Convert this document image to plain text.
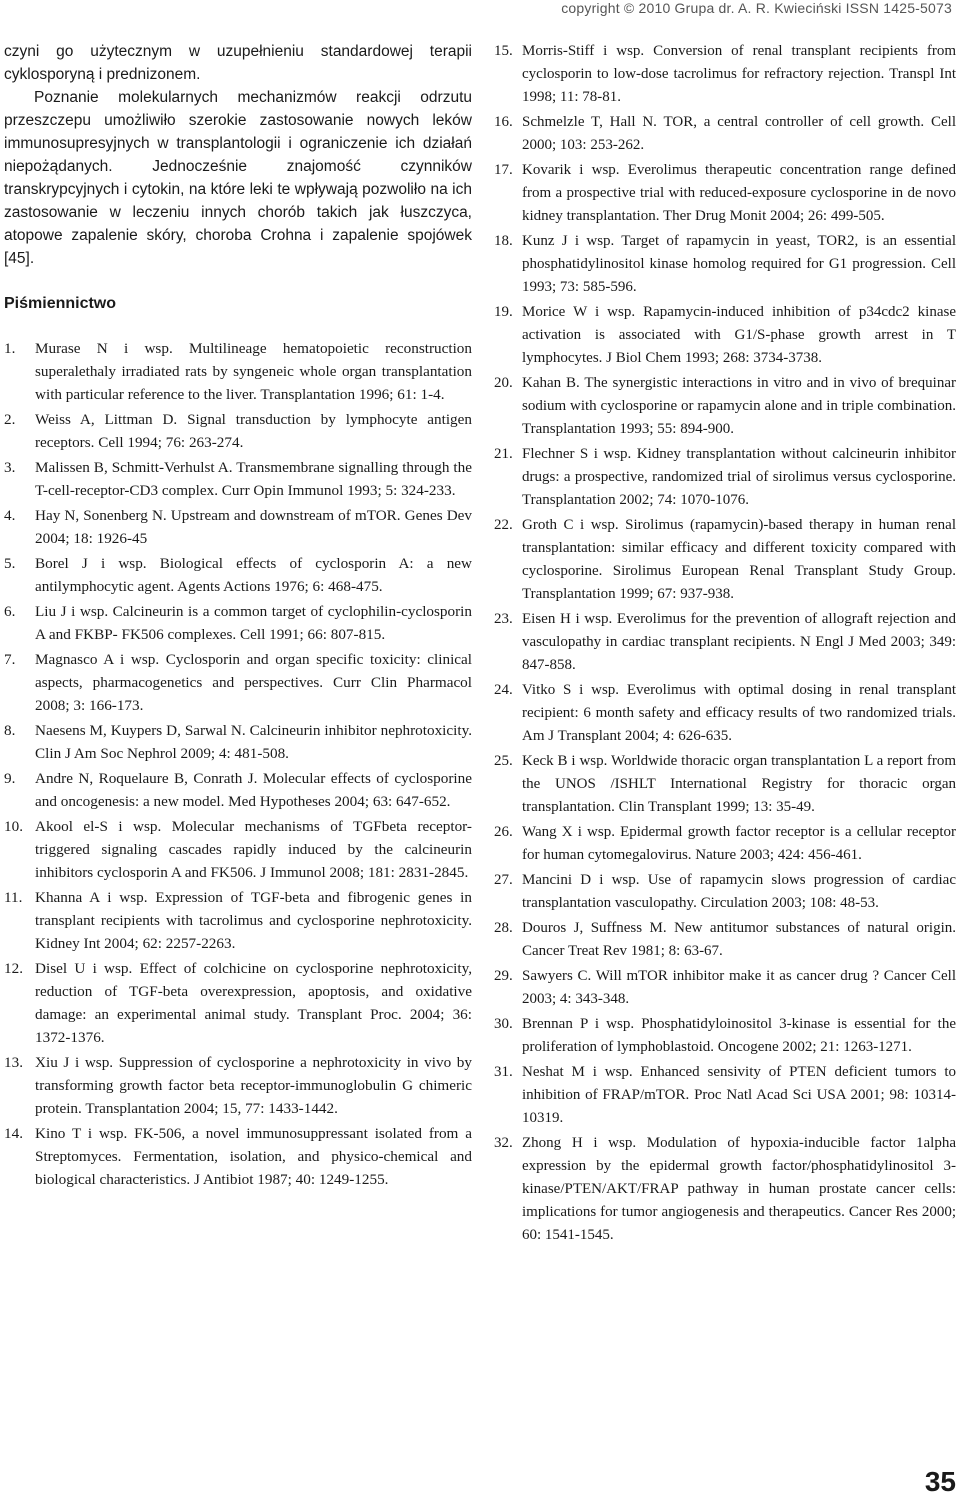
copyright © 2010 Grupa dr. A. R. Kwieciński ISSN 1425-5073

czyni go użytecznym w uzupełnieniu standardowej terapii cyklosporyną i prednizonem.

Poznanie molekularnych mechanizmów reakcji odrzutu przeszczepu umożliwiło szerokie zastosowanie nowych leków immunosupresyjnych w transplantologii i ograniczenie ich działań niepożądanych. Jednocześnie znajomość czynników transkrypcyjnych i cytokin, na które leki te wpływają pozwoliło na ich zastosowanie w leczeniu innych chorób takich jak łuszczyca, atopowe zapalenie skóry, choroba Crohna i zapalenie spojówek [45].

Piśmiennictwo
1. Murase N i wsp. Multilineage hematopoietic reconstruction superalethaly irradiated rats by syngeneic whole organ transplantation with particular reference to the liver. Transplantation 1996; 61: 1-4.
2. Weiss A, Littman D. Signal transduction by lymphocyte antigen receptors. Cell 1994; 76: 263-274.
3. Malissen B, Schmitt-Verhulst A. Transmembrane signalling through the T-cell-receptor-CD3 complex. Curr Opin Immunol 1993; 5: 324-233.
4. Hay N, Sonenberg N. Upstream and downstream of mTOR. Genes Dev 2004; 18: 1926-45
5. Borel J i wsp. Biological effects of cyclosporin A: a new antilymphocytic agent. Agents Actions 1976; 6: 468-475.
6. Liu J i wsp. Calcineurin is a common target of cyclophilin-cyclosporin A and FKBP- FK506 complexes. Cell 1991; 66: 807-815.
7. Magnasco A i wsp. Cyclosporin and organ specific toxicity: clinical aspects, pharmacogenetics and perspectives. Curr Clin Pharmacol 2008; 3: 166-173.
8. Naesens M, Kuypers D, Sarwal N. Calcineurin inhibitor nephrotoxicity. Clin J Am Soc Nephrol 2009; 4: 481-508.
9. Andre N, Roquelaure B, Conrath J. Molecular effects of cyclosporine and oncogenesis: a new model. Med Hypotheses 2004; 63: 647-652.
10. Akool el-S i wsp. Molecular mechanisms of TGFbeta receptor-triggered signaling cascades rapidly induced by the calcineurin inhibitors cyclosporin A and FK506. J Immunol 2008; 181: 2831-2845.
11. Khanna A i wsp. Expression of TGF-beta and fibrogenic genes in transplant recipients with tacrolimus and cyclosporine nephrotoxicity. Kidney Int 2004; 62: 2257-2263.
12. Disel U i wsp. Effect of colchicine on cyclosporine nephrotoxicity, reduction of TGF-beta overexpression, apoptosis, and oxidative damage: an experimental animal study. Transplant Proc. 2004; 36: 1372-1376.
13. Xiu J i wsp. Suppression of cyclosporine a nephrotoxicity in vivo by transforming growth factor beta receptor-immunoglobulin G chimeric protein. Transplantation 2004; 15, 77: 1433-1442.
14. Kino T i wsp. FK-506, a novel immunosuppressant isolated from a Streptomyces. Fermentation, isolation, and physico-chemical and biological characteristics. J Antibiot 1987; 40: 1249-1255.
15. Morris-Stiff i wsp. Conversion of renal transplant recipients from cyclosporin to low-dose tacrolimus for refractory rejection. Transpl Int 1998; 11: 78-81.
16. Schmelzle T, Hall N. TOR, a central controller of cell growth. Cell 2000; 103: 253-262.
17. Kovarik i wsp. Everolimus therapeutic concentration range defined from a prospective trial with reduced-exposure cyclosporine in de novo kidney transplantation. Ther Drug Monit 2004; 26: 499-505.
18. Kunz J i wsp. Target of rapamycin in yeast, TOR2, is an essential phosphatidylinositol kinase homolog required for G1 progression. Cell 1993; 73: 585-596.
19. Morice W i wsp. Rapamycin-induced inhibition of p34cdc2 kinase activation is associated with G1/S-phase growth arrest in T lymphocytes. J Biol Chem 1993; 268: 3734-3738.
20. Kahan B. The synergistic interactions in vitro and in vivo of brequinar sodium with cyclosporine or rapamycin alone and in triple combination. Transplantation 1993; 55: 894-900.
21. Flechner S i wsp. Kidney transplantation without calcineurin inhibitor drugs: a prospective, randomized trial of sirolimus versus cyclosporine. Transplantation 2002; 74: 1070-1076.
22. Groth C i wsp. Sirolimus (rapamycin)-based therapy in human renal transplantation: similar efficacy and different toxicity compared with cyclosporine. Sirolimus European Renal Transplant Study Group. Transplantation 1999; 67: 937-938.
23. Eisen H i wsp. Everolimus for the prevention of allograft rejection and vasculopathy in cardiac transplant recipients. N Engl J Med 2003; 349: 847-858.
24. Vitko S i wsp. Everolimus with optimal dosing in renal transplant recipient: 6 month safety and efficacy results of two randomized trials. Am J Transplant 2004; 4: 626-635.
25. Keck B i wsp. Worldwide thoracic organ transplantation L a report from the UNOS /ISHLT International Registry for thoracic organ transplantation. Clin Transplant 1999; 13: 35-49.
26. Wang X i wsp. Epidermal growth factor receptor is a cellular receptor for human cytomegalovirus. Nature 2003; 424: 456-461.
27. Mancini D i wsp. Use of rapamycin slows progression of cardiac transplantation vasculopathy. Circulation 2003; 108: 48-53.
28. Douros J, Suffness M. New antitumor substances of natural origin. Cancer Treat Rev 1981; 8: 63-67.
29. Sawyers C. Will mTOR inhibitor make it as cancer drug ? Cancer Cell 2003; 4: 343-348.
30. Brennan P i wsp. Phosphatidyloinositol 3-kinase is essential for the proliferation of lymphoblastoid. Oncogene 2002; 21: 1263-1271.
31. Neshat M i wsp. Enhanced sensivity of PTEN deficient tumors to inhibition of FRAP/mTOR. Proc Natl Acad Sci USA 2001; 98: 10314-10319.
32. Zhong H i wsp. Modulation of hypoxia-inducible factor 1alpha expression by the epidermal growth factor/phosphatidylinositol 3-kinase/PTEN/AKT/FRAP pathway in human prostate cancer cells: implications for tumor angiogenesis and therapeutics. Cancer Res 2000; 60: 1541-1545.
35
